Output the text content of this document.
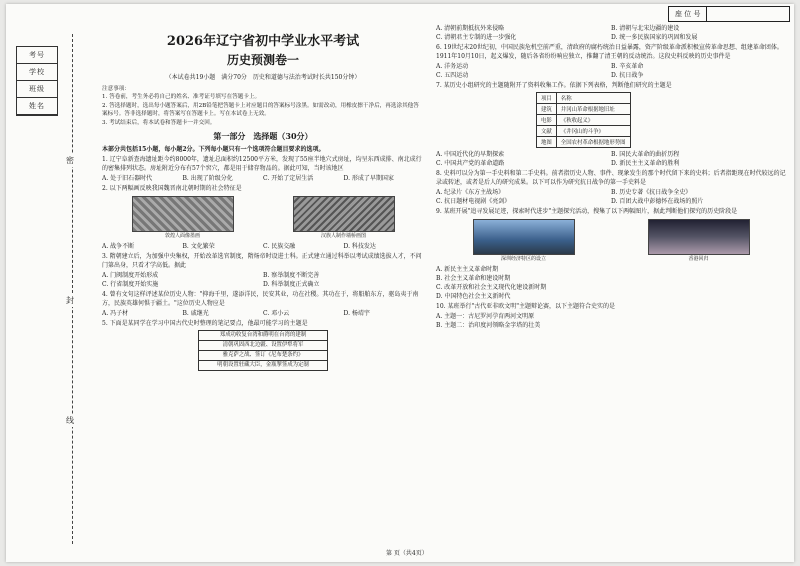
座 位 号
考号
学校
班级
姓名
密
封
线
2026年辽宁省初中学业水平考试
历史预测卷一
（本试卷共19小题　满分70分　历史和道德与法治考试时长共150分钟）
注意事项：
1. 答卷前，考生务必将自己的姓名、准考证号填写在答题卡上。
2. 答选择题时，选出每小题答案后，用2B铅笔把答题卡上对应题目的答案标号涂黑。如需改动，用橡皮擦干净后，再选涂其他答案标号。答非选择题时，将答案写在答题卡上。写在本试卷上无效。
3. 考试结束后，将本试卷和答题卡一并交回。
第一部分　选择题（30分）
本部分共包括15小题，每小题2分。下列每小题只有一个选项符合题目要求的选项。
1. 辽宁阜新查海遗址距今约8000年，遗址总面积约12500平方米，发现了55座半地穴式房址，均呈东西成排、南北成行的密集排列状态。房址附近分布有57个窖穴，都是用于储存物品的。据此可知，当时该地区
A. 处于旧石器时代	B. 出现了阶级分化	C. 开始了定居生活	D. 形成了早期国家
2. 以下两幅画反映我国魏晋南北朝时期的社会特征是
敦煌人面像墨画	汉族人制作墙桥画图
A. 战争不断	B. 文化繁荣	C. 民族交融	D. 科技发达
3. 隋朝建立后，为加强中央集权，开始改革选官制度，隋炀帝时设进士科。正式建立通过科举以考试成绩选拔人才，不问门第出身，只看才学高低。据此
A. 门阀制度开始形成	B. 察举制度不断完善
C. 行省制度开始实施	D. 科举制度正式确立
4. 曾有文句这样评述某位历史人物："抑海千里，遂添洋民，民安其业，功在社稷。其功在于，将船舶东方，驱岛夷于南方，民族英雄何惧于疆土。"这位历史人物应是
A. 冯子材	B. 戚继光	C. 邓小云	D. 杨靖宇
5. 下面是某同学在学习中国古代史时整理的笔记要点，他最可能学习的主题是
郑成功收复台湾和爵明在台湾的建制
清朝巩固西北边疆、设置伊犁将军
雅克萨之战、签订《尼布楚条约》
明朝设置驻藏大臣，金瓶掣签成为定制
A. 清朝前期抵抗外来侵略	B. 清朝与北宋边疆的建设
C. 清朝君主专制的进一步强化	D. 统一多民族国家的巩固和发展
6. 19世纪末20世纪初，中国民族危机空前严重，清政府的腐朽统治日益暴露，资产阶级革命派积极宣传革命思想、组建革命团体。1911年10月10日，起义爆发，随后各省纷纷响应独立，推翻了清王朝的反动统治。这段史料反映的历史事件是
A. 洋务运动	B. 辛亥革命
C. 五四运动	D. 抗日战争
7. 某历史小组研究的主题随附开了资料收集工作。依据下列表格，判断他们研究的主题是
项目	名称
建筑	井冈山革命根据地旧址
电影	《秋收起义》
文献	《井冈山的斗争》
地图	全国农村革命根据地形势图
A. 中国近代化的早期探索	B. 国民大革命的曲折历程
C. 中国共产党的革命道路	D. 新民主主义革命的胜利
8. 史料可以分为第一手史料和第二手史料。前者指历史人物、事件、现象发生的那个时代留下来的史料；后者指距现在时代较远的记录或转述，或者是后人的研究成果。以下可以作为研究抗日战争的第一手史料是
A. 纪录片《东方主战场》	B. 历史专著《抗日战争全史》
C. 抗日题材电视剧《亮剑》	D. 百团大战中彭德怀在战场的照片
9. 某班开展"追寻发展足迹，探索时代进步"主题探究活动，搜集了以下两幅图片，据此判断他们探究的历史阶段是
深圳经济特区的设立	香港回归
A. 新民主主义革命时期
B. 社会主义革命和建设时期
C. 改革开放和社会主义现代化建设新时期
D. 中国特色社会主义新时代
10. 某班举行"古代亚非欧文明"主题辩论赛，以下主题符合史实的是
A. 主题一：古尼罗河孕育两河文明原
B. 主题二：治印度河领略金字塔的壮美
第 页（共4页）
